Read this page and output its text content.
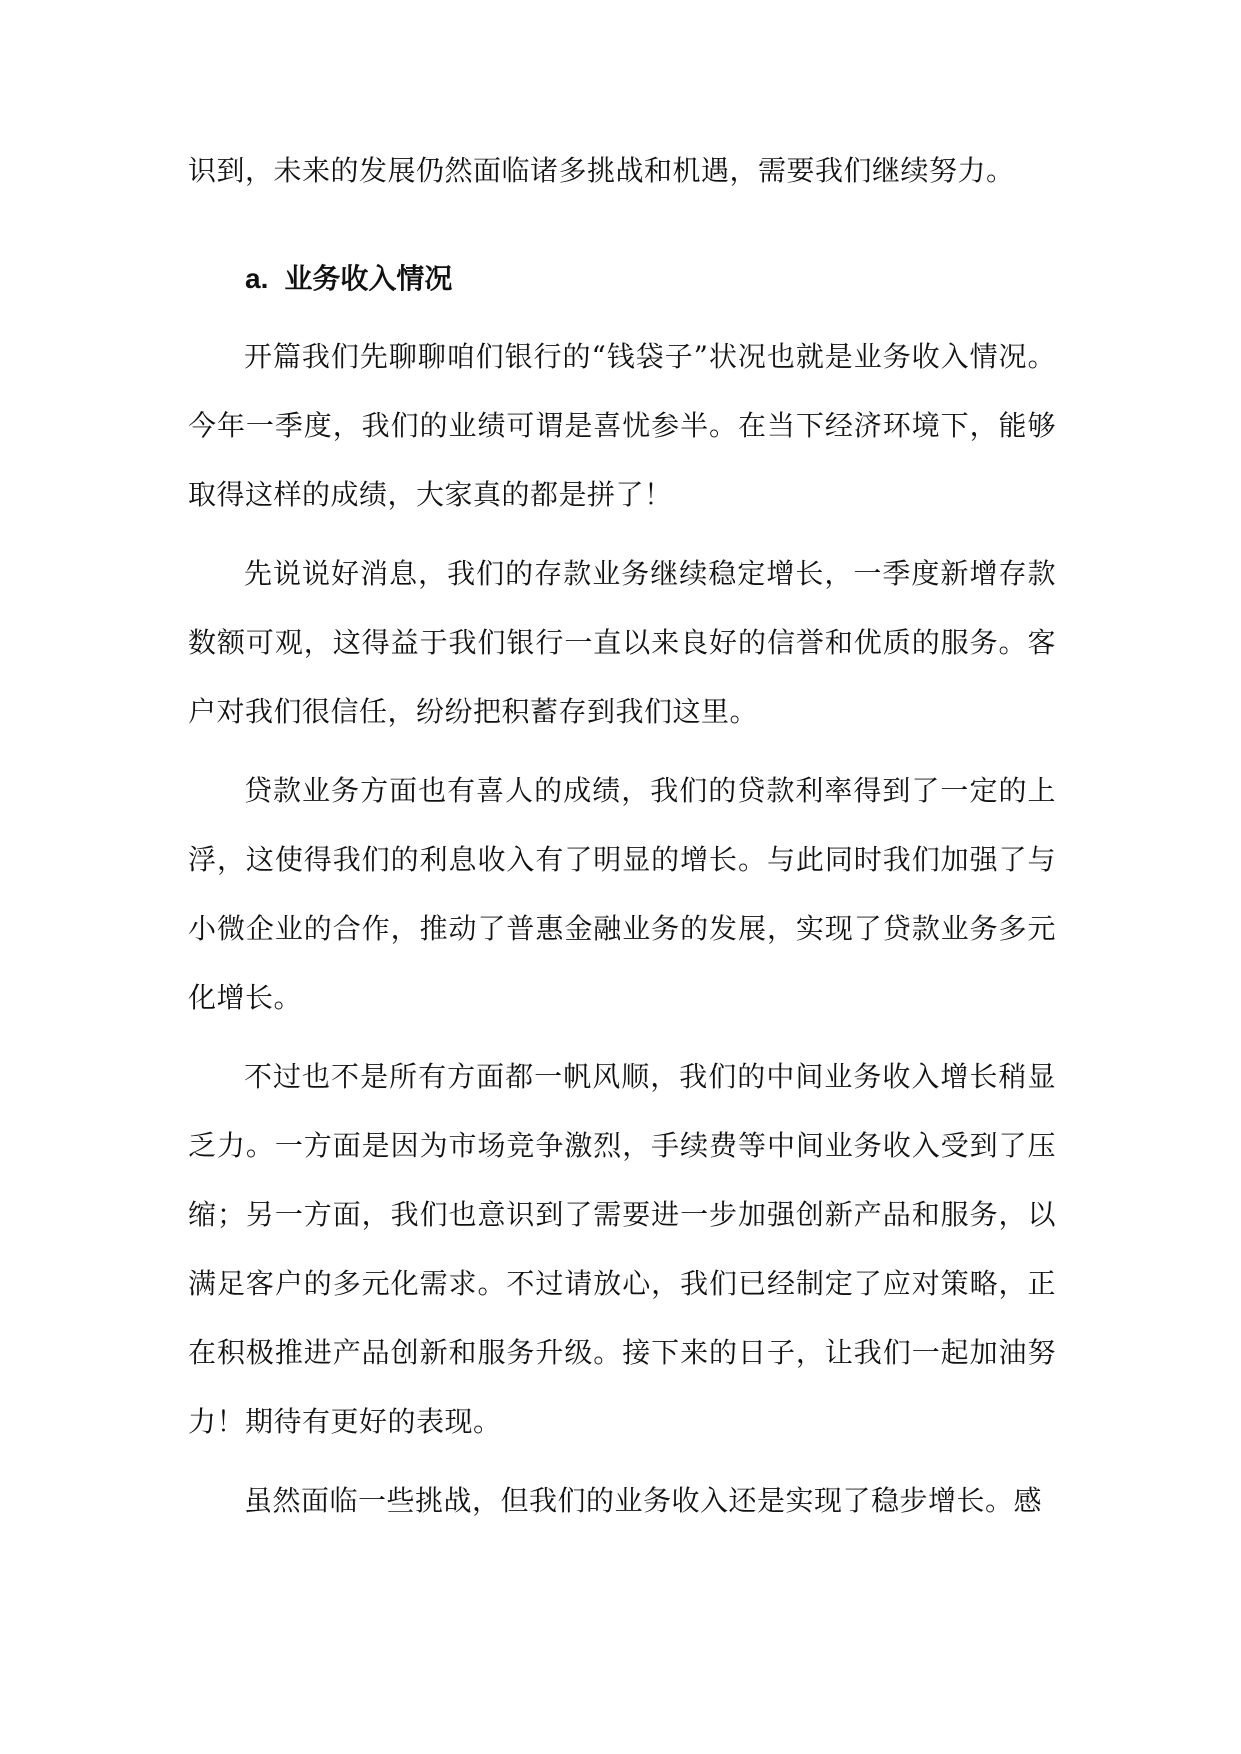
识到，未来的发展仍然面临诸多挑战和机遇，需要我们继续努力。
a. 业务收入情况

开篇我们先聊聊咱们银行的“钱袋子”状况也就是业务收入情况。今年一季度，我们的业绩可谓是喜忧参半。在当下经济环境下，能够取得这样的成绩，大家真的都是拼了！

先说说好消息，我们的存款业务继续稳定增长，一季度新增存款数额可观，这得益于我们银行一直以来良好的信誉和优质的服务。客户对我们很信任，纷纷把积蓄存到我们这里。

贷款业务方面也有喜人的成绩，我们的贷款利率得到了一定的上浮，这使得我们的利息收入有了明显的增长。与此同时我们加强了与小微企业的合作，推动了普惠金融业务的发展，实现了贷款业务多元化增长。

不过也不是所有方面都一帆风顺，我们的中间业务收入增长稍显乏力。一方面是因为市场竞争激烈，手续费等中间业务收入受到了压缩；另一方面，我们也意识到了需要进一步加强创新产品和服务，以满足客户的多元化需求。不过请放心，我们已经制定了应对策略，正在积极推进产品创新和服务升级。接下来的日子，让我们一起加油努力！期待有更好的表现。

虽然面临一些挑战，但我们的业务收入还是实现了稳步增长。感
